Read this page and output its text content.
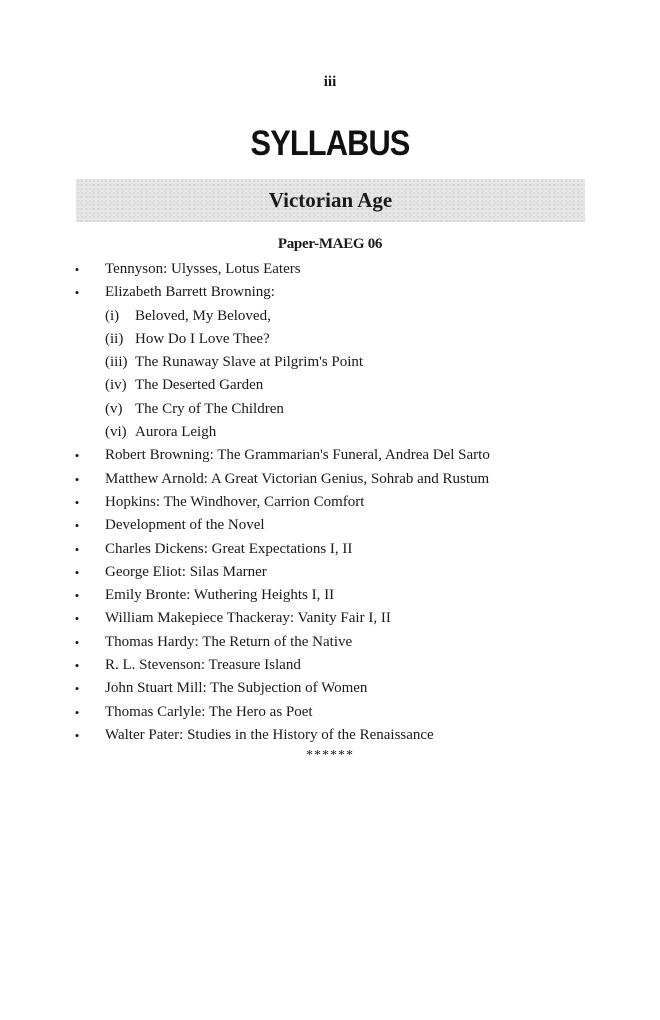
iii
SYLLABUS
Victorian Age
Paper-MAEG 06
•	Tennyson: Ulysses, Lotus Eaters
•	Elizabeth Barrett Browning:
(i) Beloved, My Beloved,
(ii) How Do I Love Thee?
(iii) The Runaway Slave at Pilgrim's Point
(iv) The Deserted Garden
(v) The Cry of The Children
(vi) Aurora Leigh
•	Robert Browning: The Grammarian's Funeral, Andrea Del Sarto
•	Matthew Arnold: A Great Victorian Genius, Sohrab and Rustum
•	Hopkins: The Windhover, Carrion Comfort
•	Development of the Novel
•	Charles Dickens: Great Expectations I, II
•	George Eliot: Silas Marner
•	Emily Bronte: Wuthering Heights I, II
•	William Makepiece Thackeray: Vanity Fair I, II
•	Thomas Hardy: The Return of the Native
•	R. L. Stevenson: Treasure Island
•	John Stuart Mill: The Subjection of Women
•	Thomas Carlyle: The Hero as Poet
•	Walter Pater: Studies in the History of the Renaissance
******
